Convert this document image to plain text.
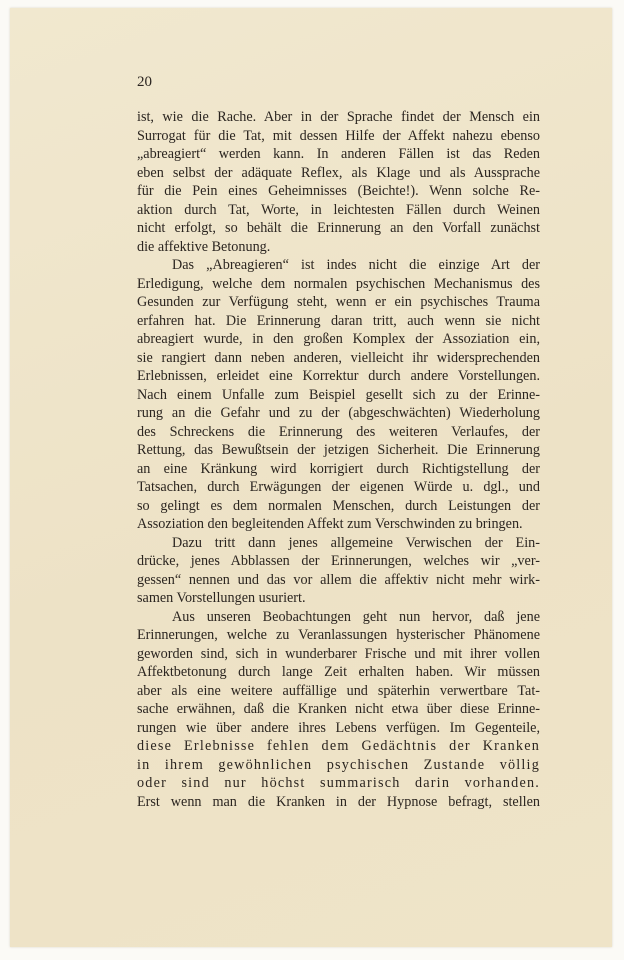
20
ist, wie die Rache. Aber in der Sprache findet der Mensch ein
Surrogat für die Tat, mit dessen Hilfe der Affekt nahezu ebenso
„abreagiert“ werden kann. In anderen Fällen ist das Reden
eben selbst der adäquate Reflex, als Klage und als Aussprache
für die Pein eines Geheimnisses (Beichte!). Wenn solche Re-
aktion durch Tat, Worte, in leichtesten Fällen durch Weinen
nicht erfolgt, so behält die Erinnerung an den Vorfall zunächst
die affektive Betonung.
Das „Abreagieren“ ist indes nicht die einzige Art der
Erledigung, welche dem normalen psychischen Mechanismus des
Gesunden zur Verfügung steht, wenn er ein psychisches Trauma
erfahren hat. Die Erinnerung daran tritt, auch wenn sie nicht
abreagiert wurde, in den großen Komplex der Assoziation ein,
sie rangiert dann neben anderen, vielleicht ihr widersprechenden
Erlebnissen, erleidet eine Korrektur durch andere Vorstellungen.
Nach einem Unfalle zum Beispiel gesellt sich zu der Erinne-
rung an die Gefahr und zu der (abgeschwächten) Wiederholung
des Schreckens die Erinnerung des weiteren Verlaufes, der
Rettung, das Bewußtsein der jetzigen Sicherheit. Die Erinnerung
an eine Kränkung wird korrigiert durch Richtigstellung der
Tatsachen, durch Erwägungen der eigenen Würde u. dgl., und
so gelingt es dem normalen Menschen, durch Leistungen der
Assoziation den begleitenden Affekt zum Verschwinden zu bringen.
Dazu tritt dann jenes allgemeine Verwischen der Ein-
drücke, jenes Abblassen der Erinnerungen, welches wir „ver-
gessen“ nennen und das vor allem die affektiv nicht mehr wirk-
samen Vorstellungen usuriert.
Aus unseren Beobachtungen geht nun hervor, daß jene
Erinnerungen, welche zu Veranlassungen hysterischer Phänomene
geworden sind, sich in wunderbarer Frische und mit ihrer vollen
Affektbetonung durch lange Zeit erhalten haben. Wir müssen
aber als eine weitere auffällige und späterhin verwertbare Tat-
sache erwähnen, daß die Kranken nicht etwa über diese Erinne-
rungen wie über andere ihres Lebens verfügen. Im Gegenteile,
diese Erlebnisse fehlen dem Gedächtnis der Kranken
in ihrem gewöhnlichen psychischen Zustande völlig
oder sind nur höchst summarisch darin vorhanden.
Erst wenn man die Kranken in der Hypnose befragt, stellen
